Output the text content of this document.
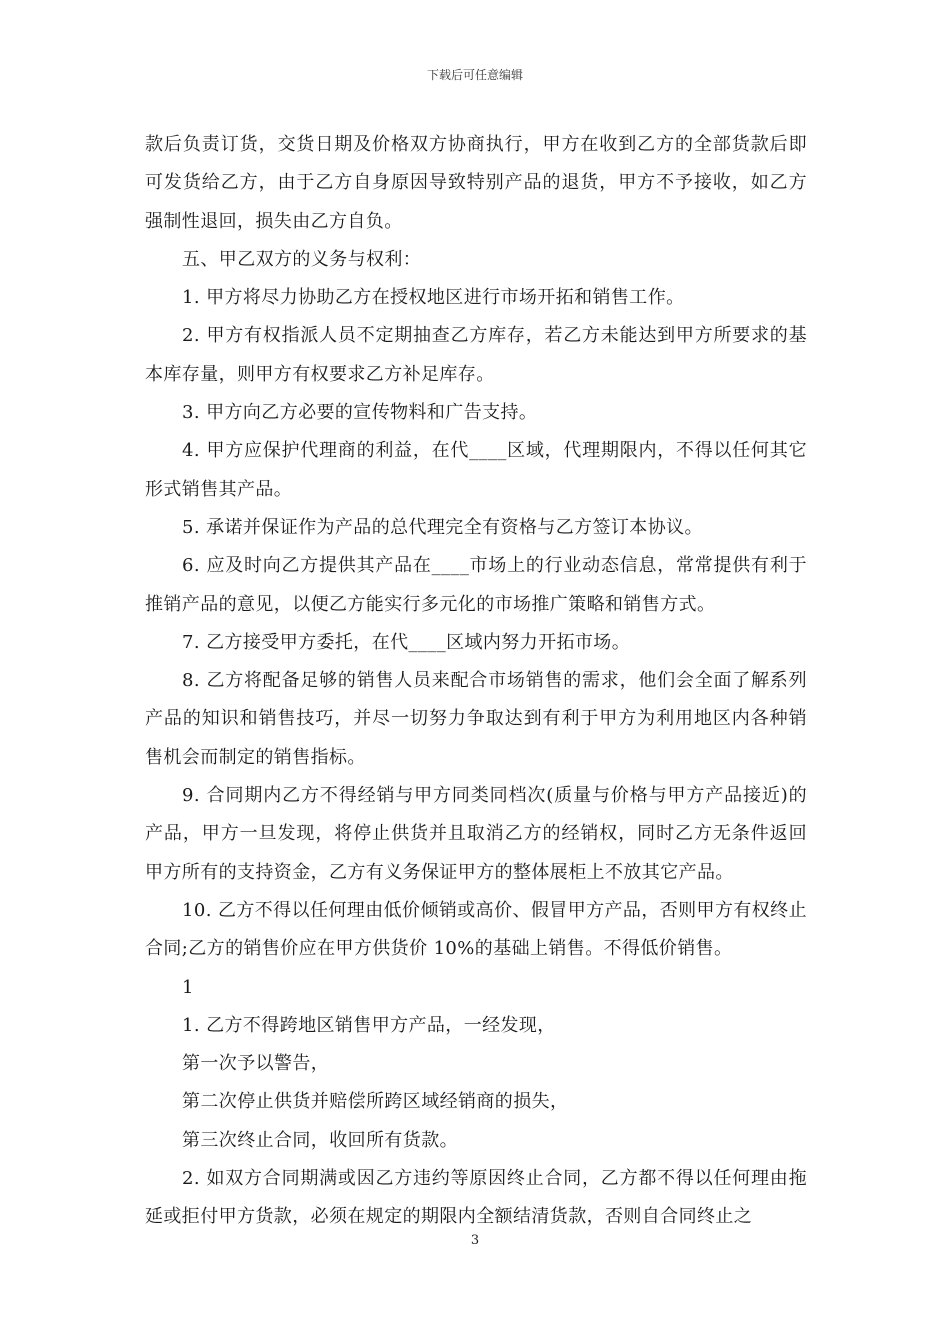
下载后可任意编辑

款后负责订货，交货日期及价格双方协商执行，甲方在收到乙方的全部货款后即可发货给乙方，由于乙方自身原因导致特别产品的退货，甲方不予接收，如乙方强制性退回，损失由乙方自负。

五、甲乙双方的义务与权利：

1. 甲方将尽力协助乙方在授权地区进行市场开拓和销售工作。

2. 甲方有权指派人员不定期抽查乙方库存，若乙方未能达到甲方所要求的基本库存量，则甲方有权要求乙方补足库存。

3. 甲方向乙方必要的宣传物料和广告支持。

4. 甲方应保护代理商的利益，在代____区域，代理期限内，不得以任何其它形式销售其产品。

5. 承诺并保证作为产品的总代理完全有资格与乙方签订本协议。

6. 应及时向乙方提供其产品在____市场上的行业动态信息，常常提供有利于推销产品的意见，以便乙方能实行多元化的市场推广策略和销售方式。

7. 乙方接受甲方委托，在代____区域内努力开拓市场。

8. 乙方将配备足够的销售人员来配合市场销售的需求，他们会全面了解系列产品的知识和销售技巧，并尽一切努力争取达到有利于甲方为利用地区内各种销售机会而制定的销售指标。

9. 合同期内乙方不得经销与甲方同类同档次(质量与价格与甲方产品接近)的产品，甲方一旦发现，将停止供货并且取消乙方的经销权，同时乙方无条件返回甲方所有的支持资金，乙方有义务保证甲方的整体展柜上不放其它产品。

10. 乙方不得以任何理由低价倾销或高价、假冒甲方产品，否则甲方有权终止合同;乙方的销售价应在甲方供货价 10%的基础上销售。不得低价销售。

1

1. 乙方不得跨地区销售甲方产品，一经发现，

第一次予以警告，

第二次停止供货并赔偿所跨区域经销商的损失，

第三次终止合同，收回所有货款。

2. 如双方合同期满或因乙方违约等原因终止合同，乙方都不得以任何理由拖延或拒付甲方货款，必须在规定的期限内全额结清货款，否则自合同终止之

3
